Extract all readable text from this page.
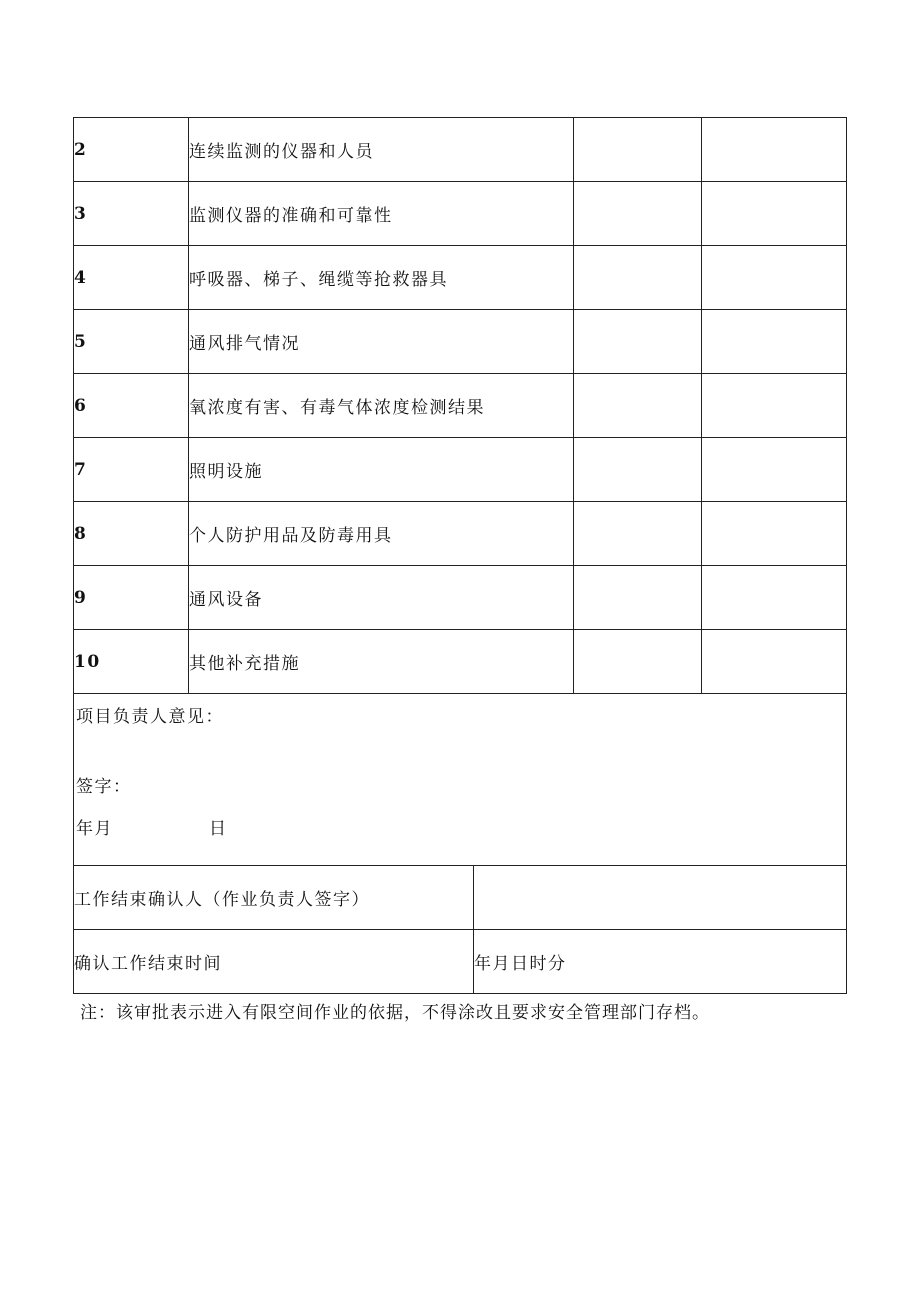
2	连续监测的仪器和人员		
3	监测仪器的准确和可靠性		
4	呼吸器、梯子、绳缆等抢救器具		
5	通风排气情况		
6	氧浓度有害、有毒气体浓度检测结果		
7	照明设施		
8	个人防护用品及防毒用具		
9	通风设备		
10	其他补充措施		

项目负责人意见：
签字：
年月 日			
工作结束确认人（作业负责人签字）	
确认工作结束时间	年月日时分
注：该审批表示进入有限空间作业的依据，不得涂改且要求安全管理部门存档。
